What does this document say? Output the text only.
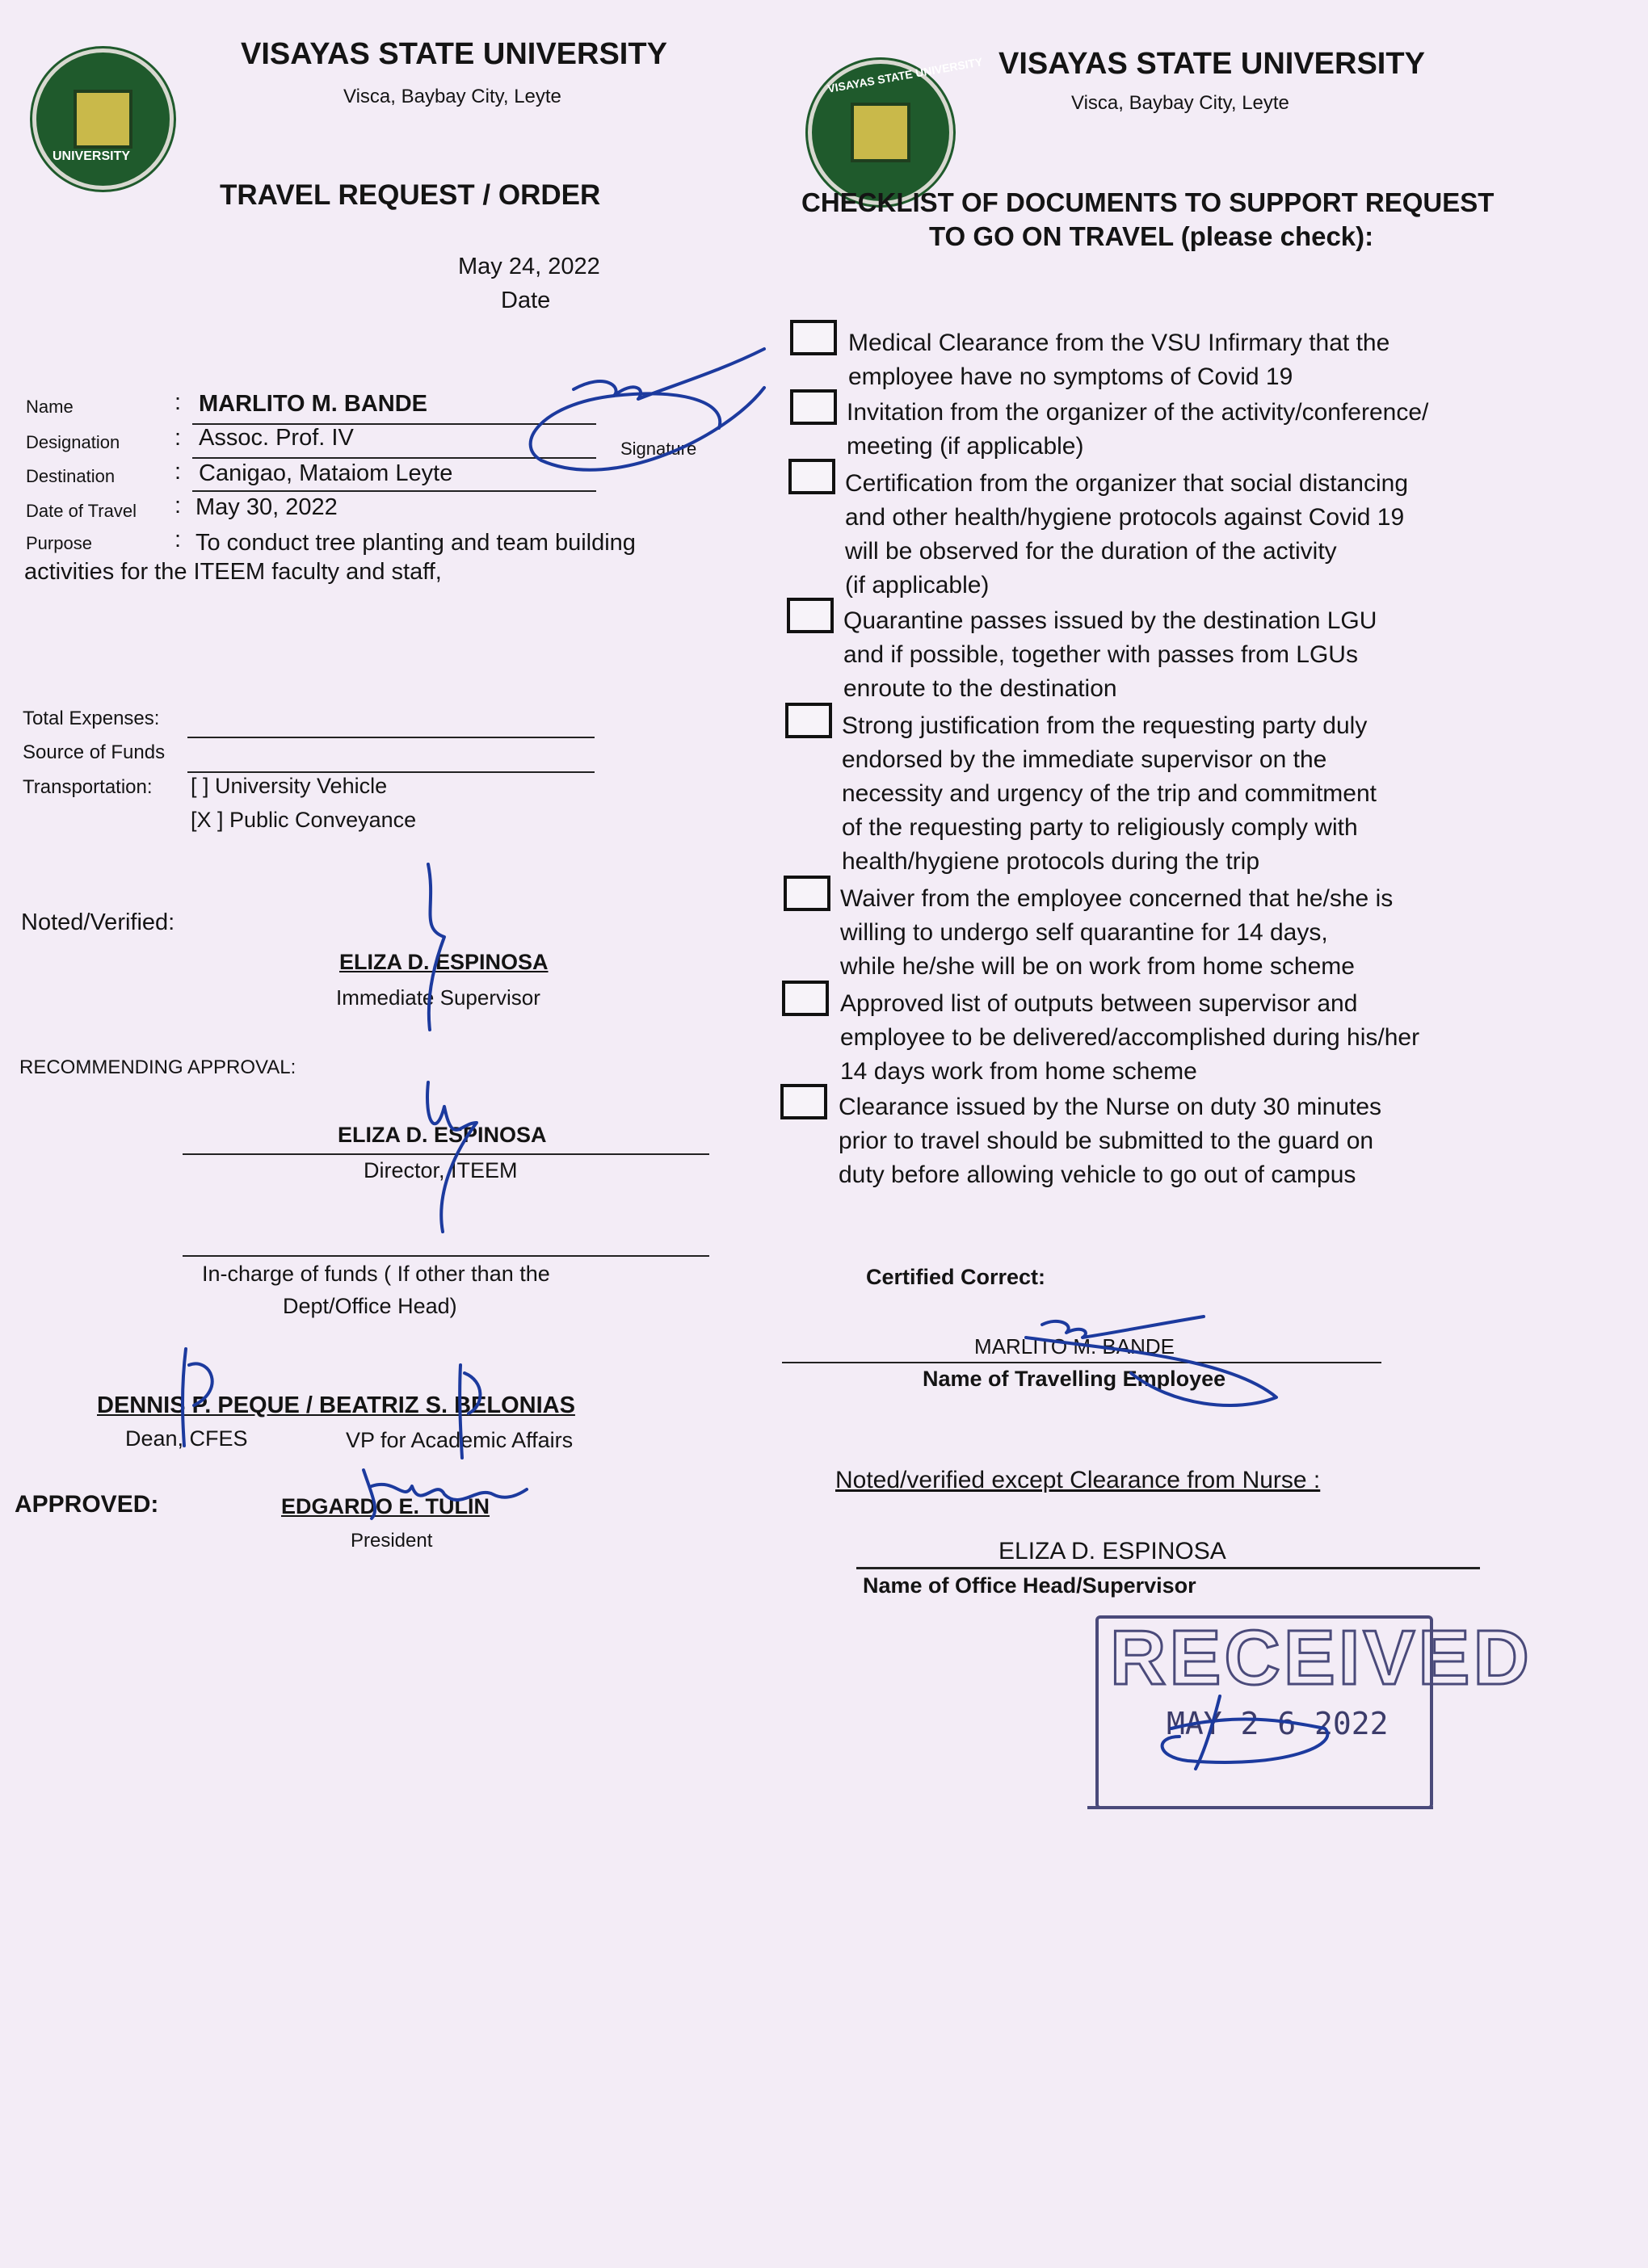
UNIVERSITY
VISAYAS STATE UNIVERSITY
Visca, Baybay City, Leyte
TRAVEL REQUEST / ORDER
May 24, 2022
Date
Name	: MARLITO M. BANDE
Signature
Designation : Assoc. Prof. IV
Destination	: Canigao, Mataiom Leyte
Date of Travel : May 30, 2022
Purpose	: To conduct tree planting and team building
activities for the ITEEM faculty and staff,
Total Expenses:
Source of Funds
Transportation: [ ] University Vehicle
[X ] Public Conveyance
Noted/Verified:
ELIZA D. ESPINOSA
Immediate Supervisor
RECOMMENDING APPROVAL:
ELIZA D. ESPINOSA
Director, ITEEM
In-charge of funds ( If other than the
Dept/Office Head)
DENNIS P. PEQUE / BEATRIZ S. BELONIAS
Dean, CFES	VP for Academic Affairs
APPROVED:	EDGARDO E. TULIN
President
VISAYAS STATE UNIVERSITY VISAYAS STATE UNIVERSITY
Visca, Baybay City, Leyte
CHECKLIST OF DOCUMENTS TO SUPPORT REQUEST
TO GO ON TRAVEL (please check):
Medical Clearance from the VSU Infirmary that the
employee have no symptoms of Covid 19
Invitation from the organizer of the activity/conference/
meeting (if applicable)
Certification from the organizer that social distancing
and other health/hygiene protocols against Covid 19
will be observed for the duration of the activity
(if applicable)
Quarantine passes issued by the destination LGU
and if possible, together with passes from LGUs
enroute to the destination
Strong justification from the requesting party duly
endorsed by the immediate supervisor on the
necessity and urgency of the trip and commitment
of the requesting party to religiously comply with
health/hygiene protocols during the trip
Waiver from the employee concerned that he/she is
willing to undergo self quarantine for 14 days,
while he/she will be on work from home scheme
Approved list of outputs between supervisor and
employee to be delivered/accomplished during his/her
14 days work from home scheme
Clearance issued by the Nurse on duty 30 minutes
prior to travel should be submitted to the guard on
duty before allowing vehicle to go out of campus
Certified Correct:
MARLITO M. BANDE
Name of Travelling Employee
Noted/verified except Clearance from Nurse :
ELIZA D. ESPINOSA
Name of Office Head/Supervisor
RECEIVED
MAY 2 6 2022
